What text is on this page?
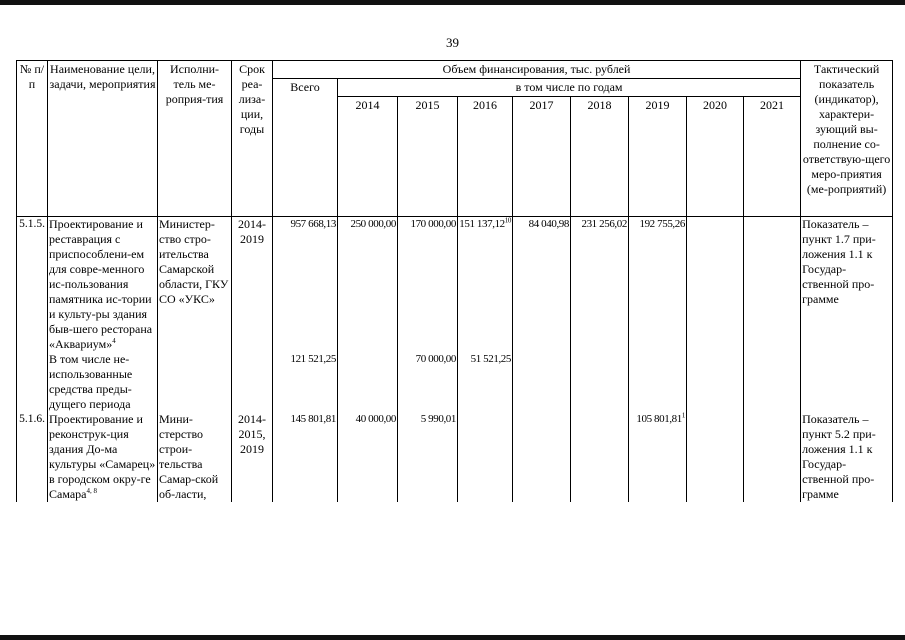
39
№ п/п	Наименование цели, задачи, мероприятия	Исполни-тель ме-роприя-тия	Срок реа-лиза-ции, годы	Объем финансирования, тыс. рублей									Тактический показатель (индикатор), характери-зующий вы-полнение со-ответствую-щего меро-приятия (ме-роприятий)
				Всего	в том числе по годам								
					2014	2015	2016	2017	2018	2019	2020	2021	
5.1.5.	Проектирование и реставрация с приспособлени-ем для совре-менного ис-пользования памятника ис-тории и культу-ры здания быв-шего ресторана «Аквариум»$^4$	Министер-ство стро-ительства Самарской области, ГКУ СО «УКС»	2014-2019	957 668,13	250 000,00	170 000,00	151 137,12$^{10}$	84 040,98	231 256,02	192 755,26			Показатель – пункт 1.7 при-ложения 1.1 к Государ-ственной про-грамме
	В том числе не-использованные средства преды-дущего периода			121 521,25		70 000,00	51 521,25						
5.1.6.	Проектирование и реконструк-ция здания До-ма культуры «Самарец» в городском окру-ге Самара$^{4, 8}$	Мини-стерство строи-тельства Самар-ской об-ласти,	2014-2015, 2019	145 801,81	40 000,00	5 990,01				105 801,81$^1$			Показатель – пункт 5.2 при-ложения 1.1 к Государ-ственной про-грамме
